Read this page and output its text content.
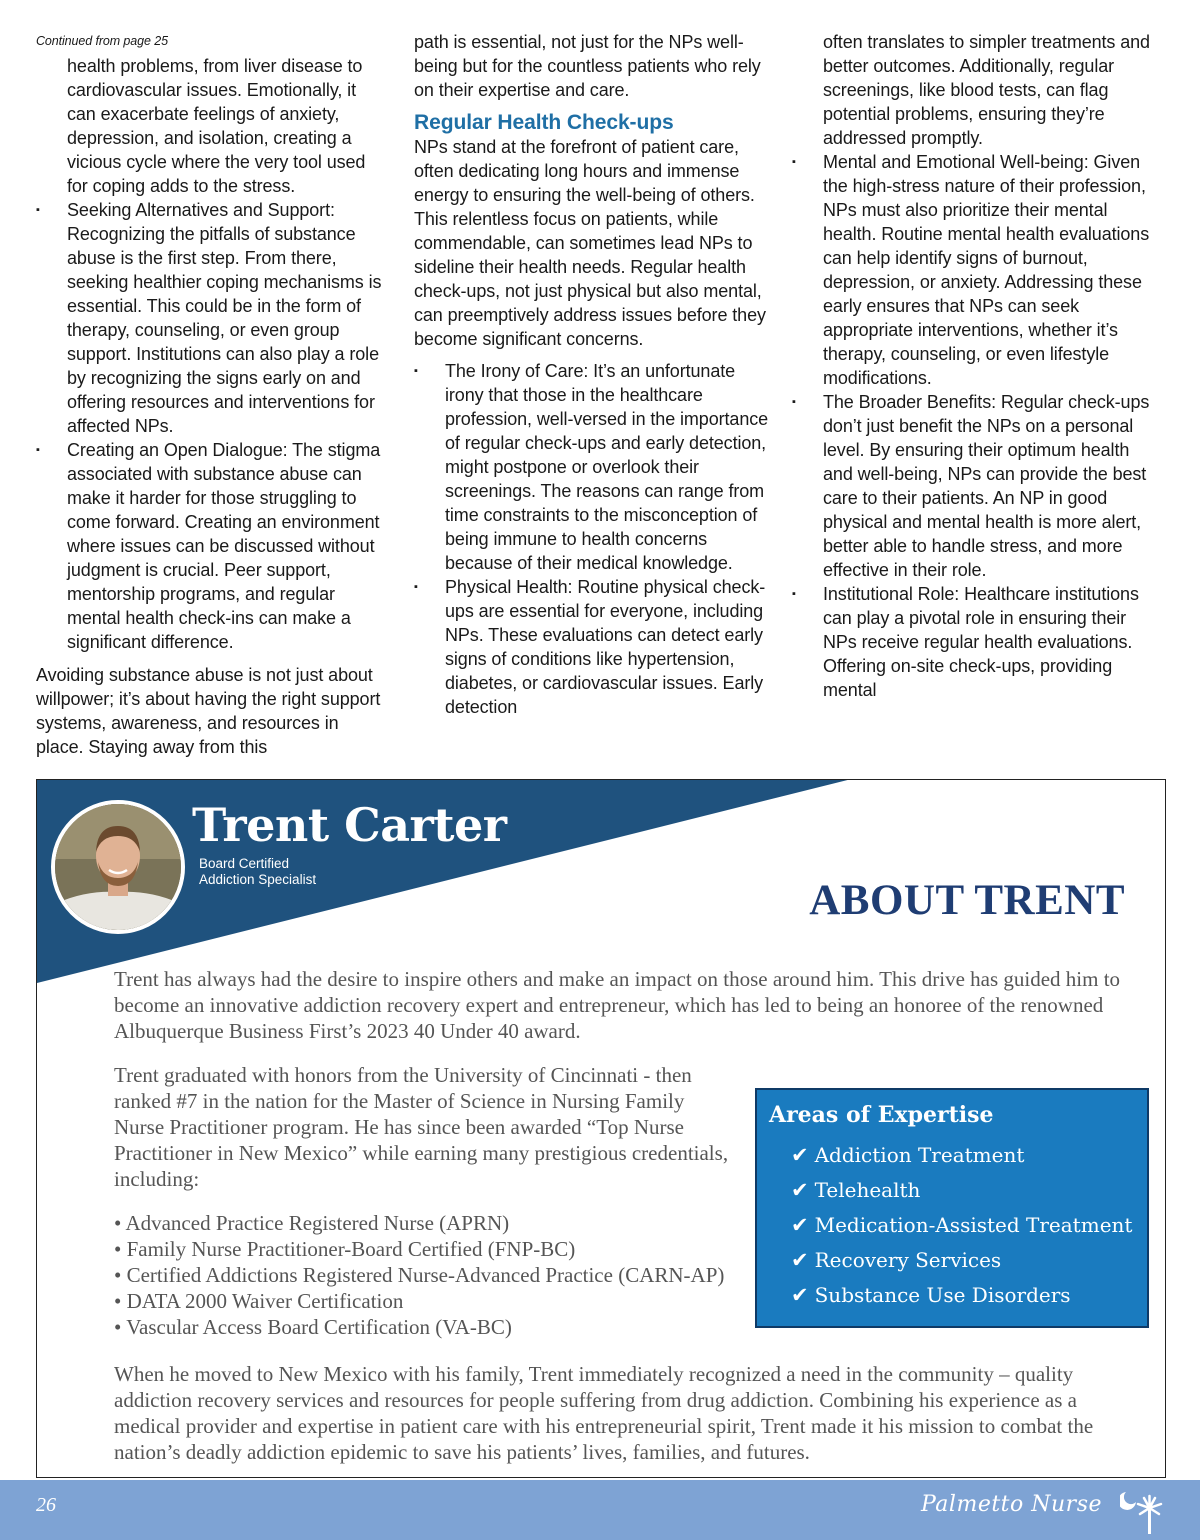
Continued from page 25

health problems, from liver disease to cardiovascular issues. Emotionally, it can exacerbate feelings of anxiety, depression, and isolation, creating a vicious cycle where the very tool used for coping adds to the stress.

▪ Seeking Alternatives and Support: Recognizing the pitfalls of substance abuse is the first step. From there, seeking healthier coping mechanisms is essential. This could be in the form of therapy, counseling, or even group support. Institutions can also play a role by recognizing the signs early on and offering resources and interventions for affected NPs.
▪ Creating an Open Dialogue: The stigma associated with substance abuse can make it harder for those struggling to come forward. Creating an environment where issues can be discussed without judgment is crucial. Peer support, mentorship programs, and regular mental health check-ins can make a significant difference.

Avoiding substance abuse is not just about willpower; it’s about having the right support systems, awareness, and resources in place. Staying away from this

path is essential, not just for the NPs well-being but for the countless patients who rely on their expertise and care.

Regular Health Check-ups

NPs stand at the forefront of patient care, often dedicating long hours and immense energy to ensuring the well-being of others. This relentless focus on patients, while commendable, can sometimes lead NPs to sideline their health needs. Regular health check-ups, not just physical but also mental, can preemptively address issues before they become significant concerns.

▪ The Irony of Care: It’s an unfortunate irony that those in the healthcare profession, well-versed in the importance of regular check-ups and early detection, might postpone or overlook their screenings. The reasons can range from time constraints to the misconception of being immune to health concerns because of their medical knowledge.
▪ Physical Health: Routine physical check-ups are essential for everyone, including NPs. These evaluations can detect early signs of conditions like hypertension, diabetes, or cardiovascular issues. Early detection

often translates to simpler treatments and better outcomes. Additionally, regular screenings, like blood tests, can flag potential problems, ensuring they’re addressed promptly.

▪ Mental and Emotional Well-being: Given the high-stress nature of their profession, NPs must also prioritize their mental health. Routine mental health evaluations can help identify signs of burnout, depression, or anxiety. Addressing these early ensures that NPs can seek appropriate interventions, whether it’s therapy, counseling, or even lifestyle modifications.
▪ The Broader Benefits: Regular check-ups don’t just benefit the NPs on a personal level. By ensuring their optimum health and well-being, NPs can provide the best care to their patients. An NP in good physical and mental health is more alert, better able to handle stress, and more effective in their role.
▪ Institutional Role: Healthcare institutions can play a pivotal role in ensuring their NPs receive regular health evaluations. Offering on-site check-ups, providing mental
Trent Carter
Board Certified
Addiction Specialist	ABOUT TRENT

Trent has always had the desire to inspire others and make an impact on those around him. This drive has guided him to become an innovative addiction recovery expert and entrepreneur, which has led to being an honoree of the renowned Albuquerque Business First’s 2023 40 Under 40 award.

Trent graduated with honors from the University of Cincinnati - then ranked #7 in the nation for the Master of Science in Nursing Family Nurse Practitioner program. He has since been awarded “Top Nurse Practitioner in New Mexico” while earning many prestigious credentials, including:

• Advanced Practice Registered Nurse (APRN)
• Family Nurse Practitioner-Board Certified (FNP-BC)
• Certified Addictions Registered Nurse-Advanced Practice (CARN-AP)
• DATA 2000 Waiver Certification
• Vascular Access Board Certification (VA-BC)

When he moved to New Mexico with his family, Trent immediately recognized a need in the community – quality addiction recovery services and resources for people suffering from drug addiction. Combining his experience as a medical provider and expertise in patient care with his entrepreneurial spirit, Trent made it his mission to combat the nation’s deadly addiction epidemic to save his patients’ lives, families, and futures.

Areas of Expertise
✔ Addiction Treatment
✔ Telehealth
✔ Medication-Assisted Treatment
✔ Recovery Services
✔ Substance Use Disorders
26	Palmetto Nurse
